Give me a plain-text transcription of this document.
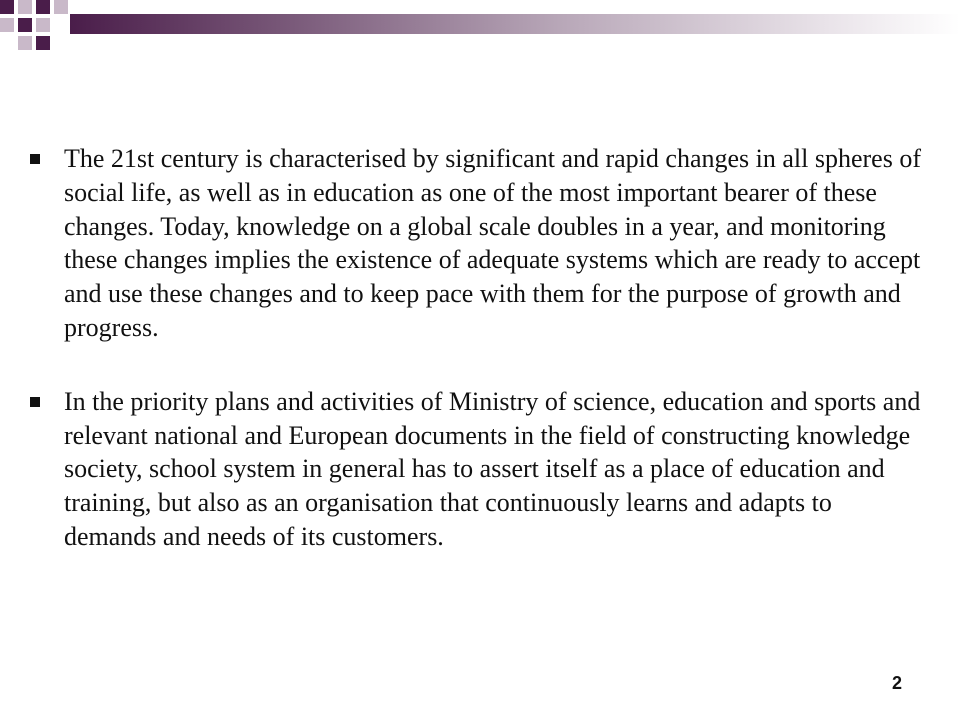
The 21st century is characterised by significant and rapid changes in all spheres of social life, as well as in education as one of the most important bearer of these changes. Today, knowledge on a global scale doubles in a year, and monitoring these changes implies the existence of adequate systems which are ready to accept and use these changes and to keep pace with them for the purpose of growth and progress.
In the priority plans and activities of Ministry of science, education and sports and relevant national and European documents in the field of constructing knowledge society, school system in general has to assert itself as a place of education and training, but also as an organisation that continuously learns and adapts to demands and needs of its customers.
2
